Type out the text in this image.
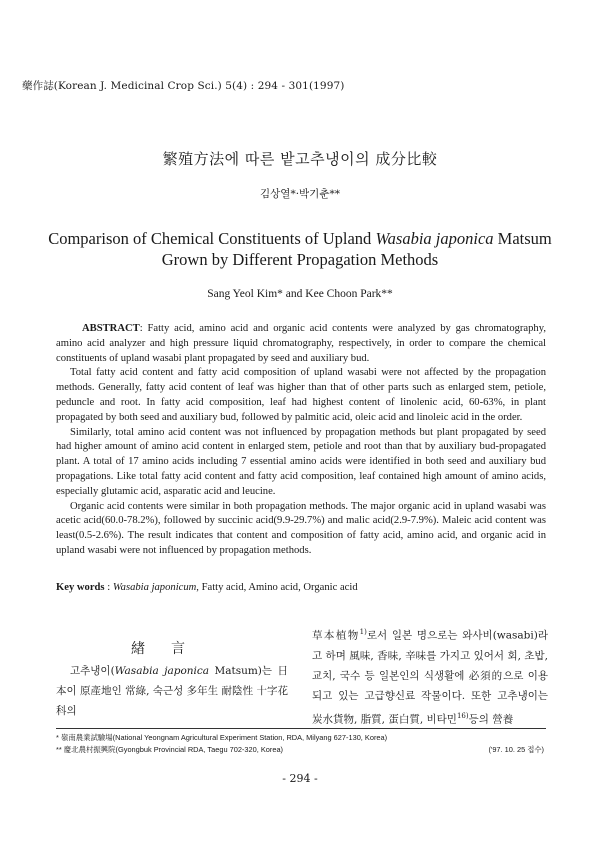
藥作誌(Korean J. Medicinal Crop Sci.) 5(4) : 294 - 301(1997)
繁殖方法에 따른 밭고추냉이의 成分比較
김상열*·박기춘**
Comparison of Chemical Constituents of Upland Wasabia japonica Matsum
Grown by Different Propagation Methods
Sang Yeol Kim* and Kee Choon Park**

ABSTRACT: Fatty acid, amino acid and organic acid contents were analyzed by gas chromatography, amino acid analyzer and high pressure liquid chromatography, respectively, in order to compare the chemical constituents of upland wasabi plant propagated by seed and auxiliary bud.

Total fatty acid content and fatty acid composition of upland wasabi were not affected by the propagation methods. Generally, fatty acid content of leaf was higher than that of other parts such as enlarged stem, petiole, peduncle and root. In fatty acid composition, leaf had highest content of linolenic acid, 60-63%, in plant propagated by both seed and auxiliary bud, followed by palmitic acid, oleic acid and linoleic acid in the order.

Similarly, total amino acid content was not influenced by propagation methods but plant propagated by seed had higher amount of amino acid content in enlarged stem, petiole and root than that by auxiliary bud-propagated plant. A total of 17 amino acids including 7 essential amino acids were identified in both seed and auxiliary bud propagations. Like total fatty acid content and fatty acid composition, leaf contained high amount of amino acids, especially glutamic acid, asparatic acid and leucine.

Organic acid contents were similar in both propagation methods. The major organic acid in upland wasabi was acetic acid(60.0-78.2%), followed by succinic acid(9.9-29.7%) and malic acid(2.9-7.9%). Maleic acid content was least(0.5-2.6%). The result indicates that content and composition of fatty acid, amino acid, and organic acid in upland wasabi were not influenced by propagation methods.

Key words : Wasabia japonicum, Fatty acid, Amino acid, Organic acid
緖言

고추냉이(Wasabia japonica Matsum)는 日本이 原產地인 常綠, 숙근성 多年生 耐陰性 十字花科의

草本植物$^{1)}$로서 일본 명으로는 와사비(wasabi)라고 하며 風味, 香味, 辛味를 가지고 있어서 회, 초밥, 교치, 국수 등 일본인의 식생활에 必須的으로 이용되고 있는 고급향신료 작물이다. 또한 고추냉이는 炭水貨物, 脂質, 蛋白質, 비타민$^{16)}$등의 營養

* 嶺南農業試驗場(National Yeongnam Agricultural Experiment Station, RDA, Milyang 627-130, Korea)
** 慶北農村振興院(Gyongbuk Provincial RDA, Taegu 702-320, Korea)	('97. 10. 25 접수)
- 294 -
